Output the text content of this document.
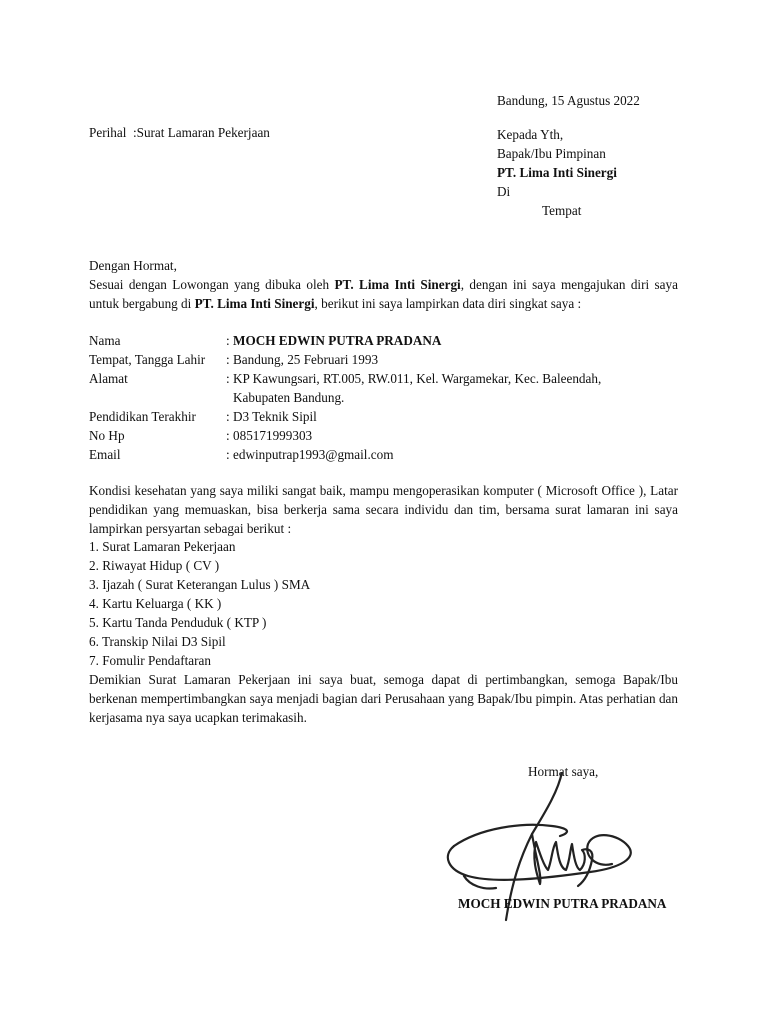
Bandung, 15 Agustus 2022
Perihal :Surat Lamaran Pekerjaan	Kepada Yth,
Bapak/Ibu Pimpinan
PT. Lima Inti Sinergi
Di
Tempat
Dengan Hormat,
Sesuai dengan Lowongan yang dibuka oleh PT. Lima Inti Sinergi, dengan ini saya mengajukan diri saya untuk bergabung di PT. Lima Inti Sinergi, berikut ini saya lampirkan data diri singkat saya :
Nama	: MOCH EDWIN PUTRA PRADANA
Tempat, Tangga Lahir : Bandung, 25 Februari 1993
Alamat	: KP Kawungsari, RT.005, RW.011, Kel. Wargamekar, Kec. Baleendah,
Kabupaten Bandung.
Pendidikan Terakhir : D3 Teknik Sipil
No Hp	: 085171999303
Email	: edwinputrap1993@gmail.com
Kondisi kesehatan yang saya miliki sangat baik, mampu mengoperasikan komputer ( Microsoft Office ), Latar pendidikan yang memuaskan, bisa berkerja sama secara individu dan tim, bersama surat lamaran ini saya lampirkan persyartan sebagai berikut :
1. Surat Lamaran Pekerjaan
2. Riwayat Hidup ( CV )
3. Ijazah ( Surat Keterangan Lulus ) SMA
4. Kartu Keluarga ( KK )
5. Kartu Tanda Penduduk ( KTP )
6. Transkip Nilai D3 Sipil
7. Fomulir Pendaftaran
Demikian Surat Lamaran Pekerjaan ini saya buat, semoga dapat di pertimbangkan, semoga Bapak/Ibu berkenan mempertimbangkan saya menjadi bagian dari Perusahaan yang Bapak/Ibu pimpin. Atas perhatian dan kerjasama nya saya ucapkan terimakasih.
Hormat saya,
MOCH EDWIN PUTRA PRADANA
